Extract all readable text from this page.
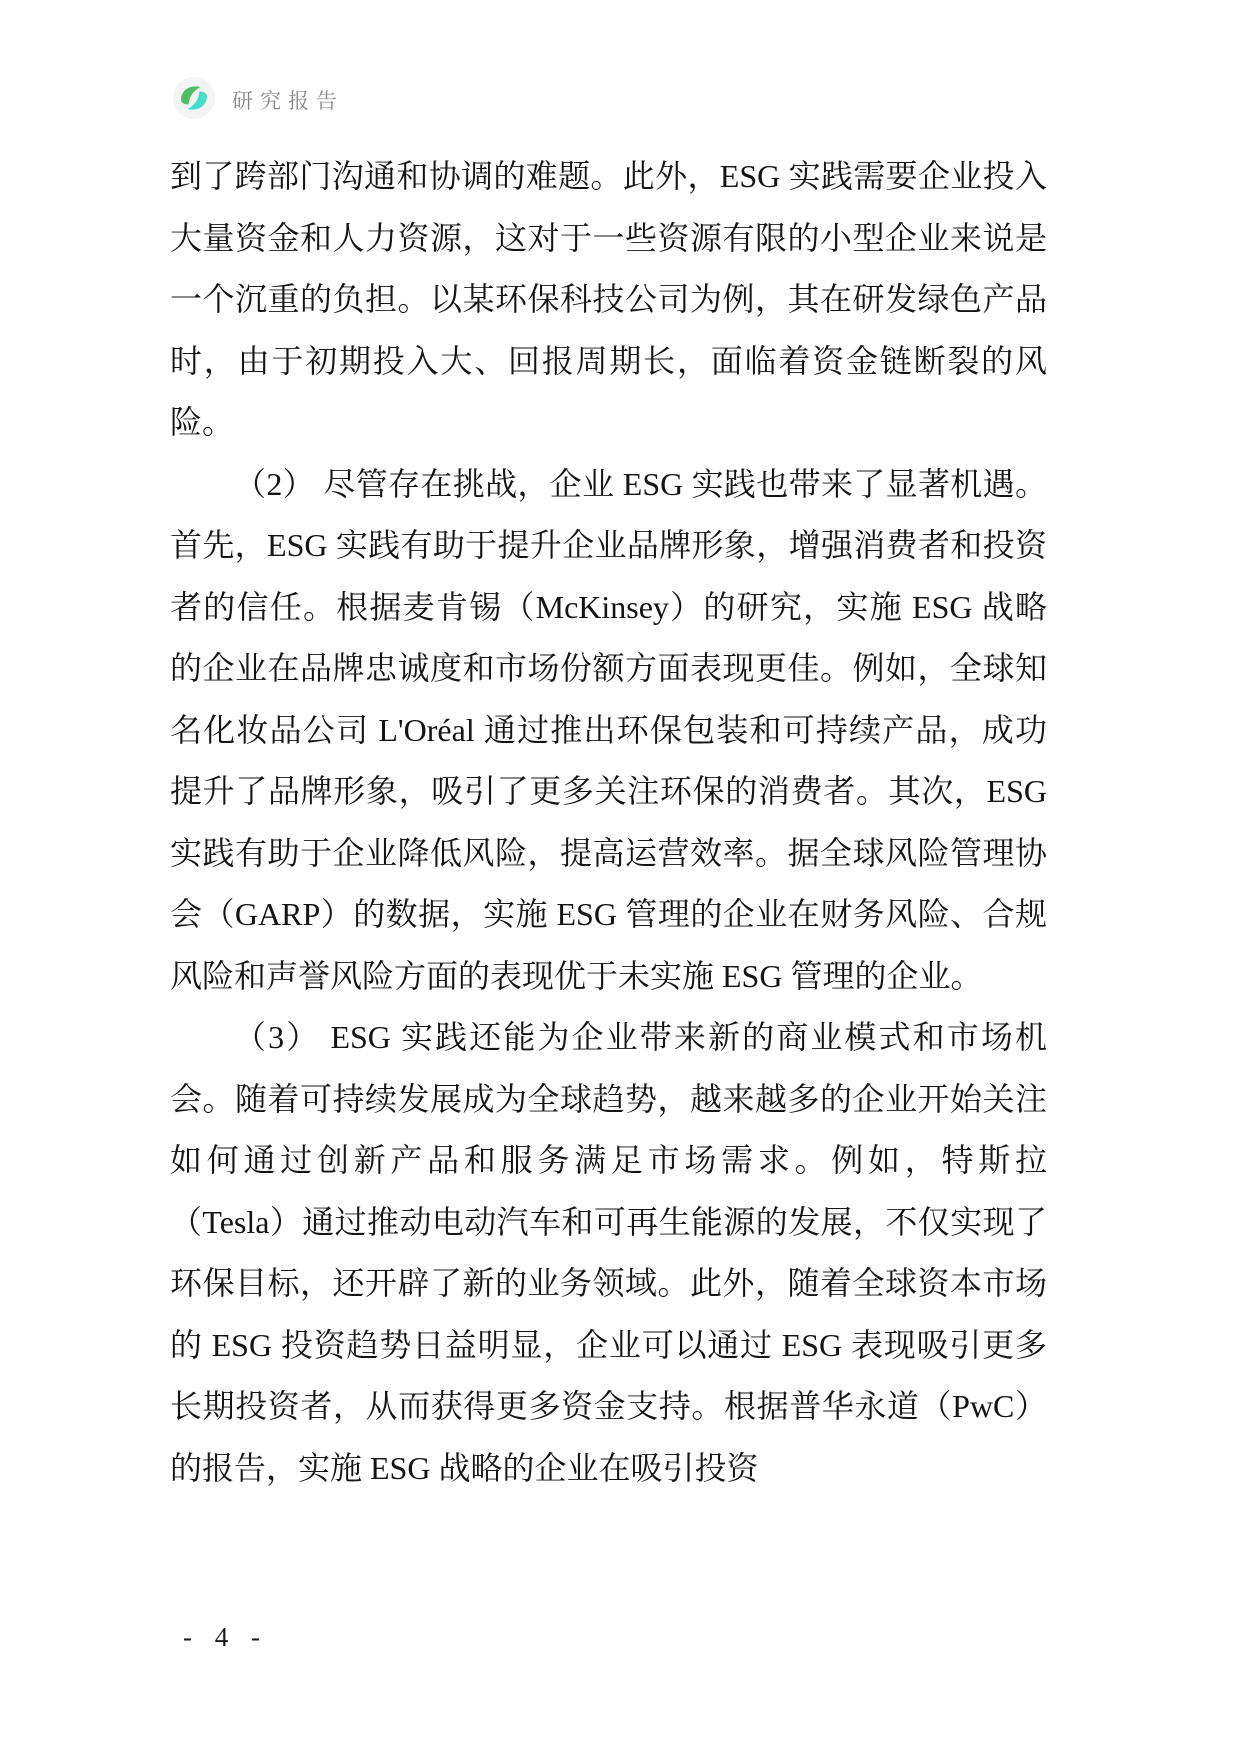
研究报告

到了跨部门沟通和协调的难题。此外，ESG 实践需要企业投入大量资金和人力资源，这对于一些资源有限的小型企业来说是一个沉重的负担。以某环保科技公司为例，其在研发绿色产品时，由于初期投入大、回报周期长，面临着资金链断裂的风险。

（2） 尽管存在挑战，企业 ESG 实践也带来了显著机遇。首先，ESG 实践有助于提升企业品牌形象，增强消费者和投资者的信任。根据麦肯锡（McKinsey）的研究，实施 ESG 战略的企业在品牌忠诚度和市场份额方面表现更佳。例如，全球知名化妆品公司 L'Oréal 通过推出环保包装和可持续产品，成功提升了品牌形象，吸引了更多关注环保的消费者。其次，ESG 实践有助于企业降低风险，提高运营效率。据全球风险管理协会（GARP）的数据，实施 ESG 管理的企业在财务风险、合规风险和声誉风险方面的表现优于未实施 ESG 管理的企业。

（3） ESG 实践还能为企业带来新的商业模式和市场机会。随着可持续发展成为全球趋势，越来越多的企业开始关注如何通过创新产品和服务满足市场需求。例如，特斯拉（Tesla）通过推动电动汽车和可再生能源的发展，不仅实现了环保目标，还开辟了新的业务领域。此外，随着全球资本市场的 ESG 投资趋势日益明显，企业可以通过 ESG 表现吸引更多长期投资者，从而获得更多资金支持。根据普华永道（PwC）的报告，实施 ESG 战略的企业在吸引投资

- 4 -
